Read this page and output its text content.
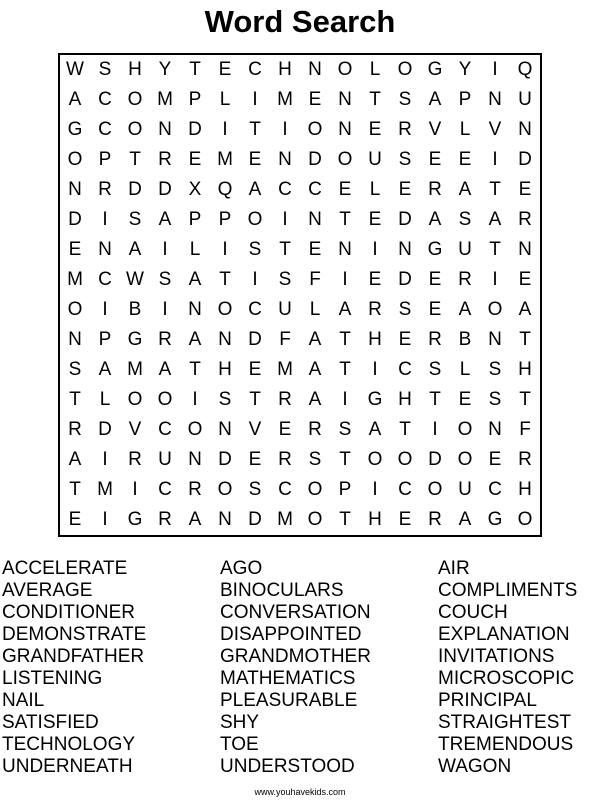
Word Search
W S H Y T E C H N O L O G Y	I	Q
A C O M P L	I	M E N T S A P N U
G C O N D	I	T	I	O N E R V L V N
O P T R E M E N D O U S E E	I	D
N R D D X Q A C C E L E R A T E
D	I	S A P P O	I	N T E D A S A R
E N A	I	L	I	S T E N	I	N G U T N
M C W S A T	I	S F	I	E D E R	I	E
O	I	B	I	N O C U L A R S E A O A
N P G R A N D F A T H E R B N T
S A M A T H E M A T	I	C S L S H
T L O O	I	S T R A	I	G H T E S T
R D V C O N V E R S A T	I	O N F
A	I	R U N D E R S T O O D O E R
T M	I	C R O S C O P	I	C O U C H
E	I	G R A N D M O T H E R A G O
ACCELERATE
AVERAGE
CONDITIONER
DEMONSTRATE
GRANDFATHER
LISTENING
NAIL
SATISFIED
TECHNOLOGY
UNDERNEATH
AGO
BINOCULARS
CONVERSATION
DISAPPOINTED
GRANDMOTHER
MATHEMATICS
PLEASURABLE
SHY
TOE
UNDERSTOOD
AIR
COMPLIMENTS
COUCH
EXPLANATION
INVITATIONS
MICROSCOPIC
PRINCIPAL
STRAIGHTEST
TREMENDOUS
WAGON
www.youhavekids.com
